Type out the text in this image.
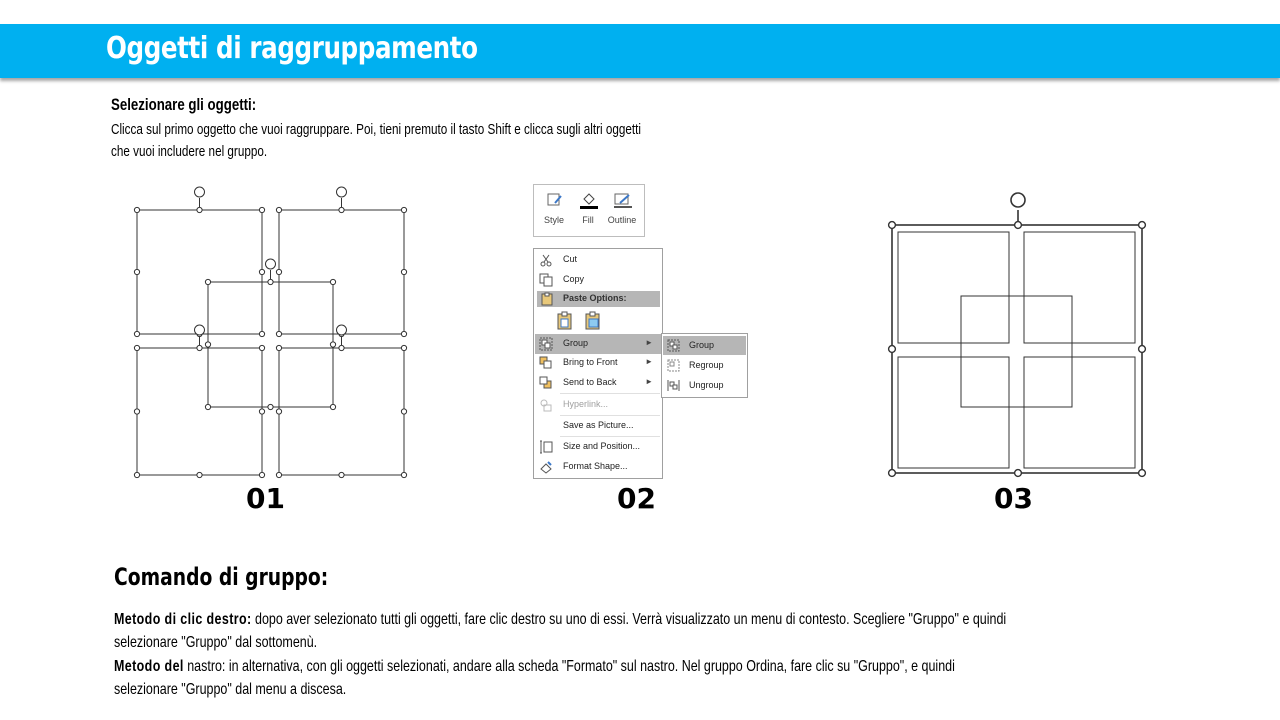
Oggetti di raggruppamento
Selezionare gli oggetti:
Clicca sul primo oggetto che vuoi raggruppare. Poi, tieni premuto il tasto Shift e clicca sugli altri oggetti
che vuoi includere nel gruppo.
Style	Fill	Outline
Cut
Copy
Paste Options:
Group	►
Bring to Front	►
Send to Back	►
Hyperlink...
Save as Picture...
Size and Position...
Format Shape...
Group
Regroup
Ungroup
01	02	03
Comando di gruppo:
Metodo di clic destro: dopo aver selezionato tutti gli oggetti, fare clic destro su uno di essi. Verrà visualizzato un menu di contesto. Scegliere "Gruppo" e quindi
selezionare "Gruppo" dal sottomenù.
Metodo del nastro: in alternativa, con gli oggetti selezionati, andare alla scheda "Formato" sul nastro. Nel gruppo Ordina, fare clic su "Gruppo", e quindi
selezionare "Gruppo" dal menu a discesa.
